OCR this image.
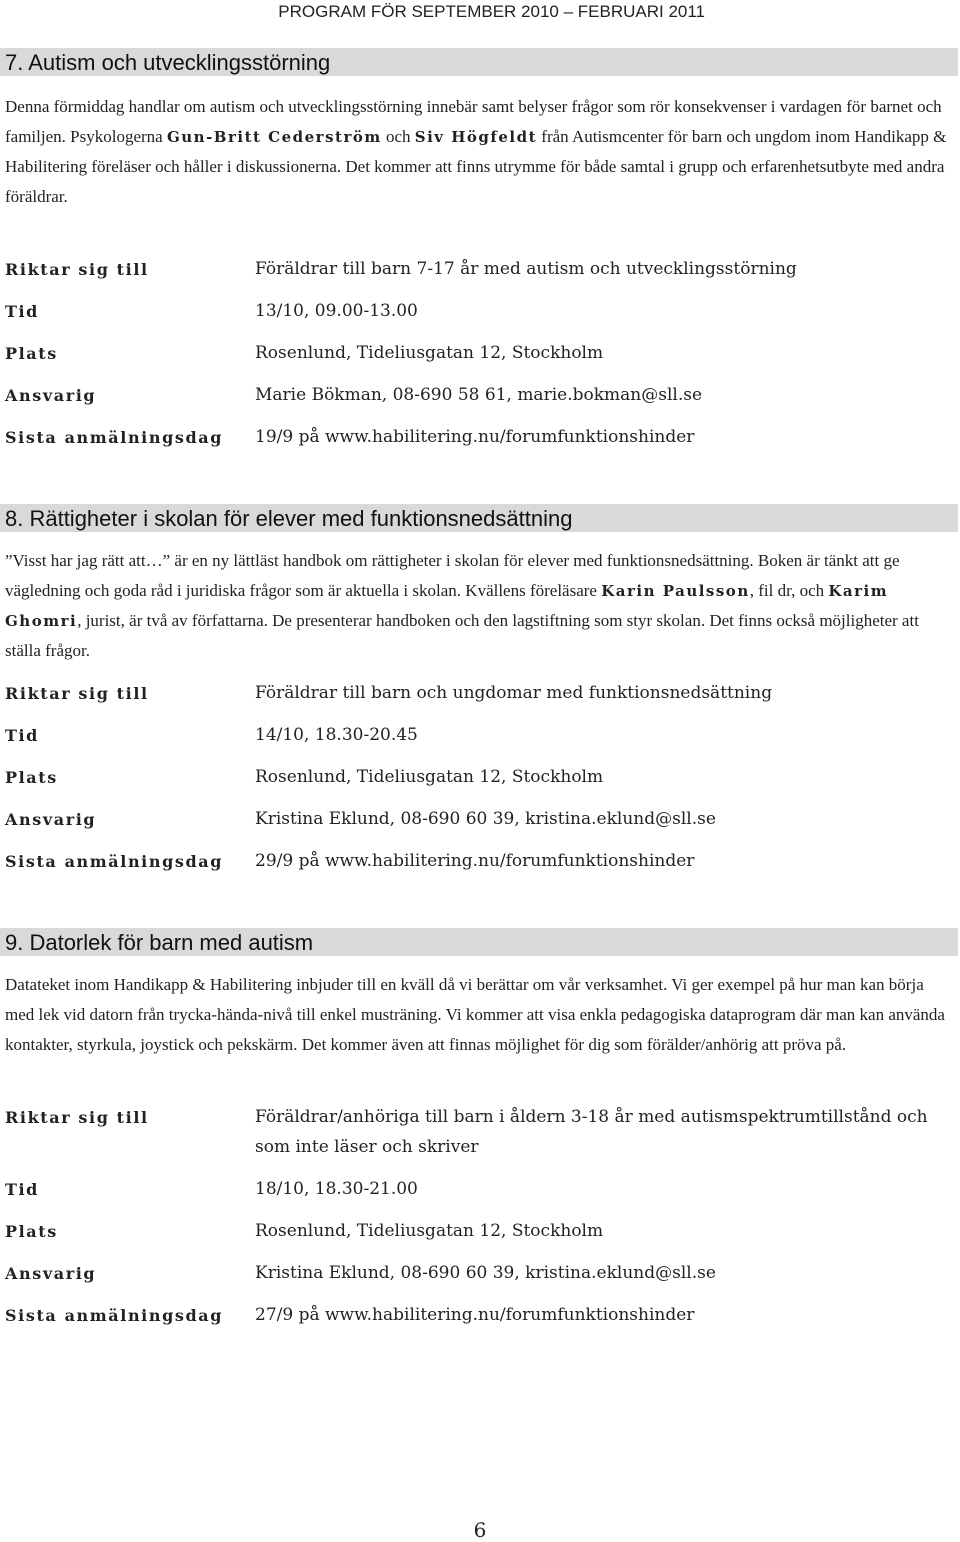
PROGRAM FÖR SEPTEMBER 2010 – FEBRUARI 2011
7. Autism och utvecklingsstörning
Denna förmiddag handlar om autism och utvecklingsstörning innebär samt belyser frågor som rör konsekvenser i vardagen för barnet och familjen. Psykologerna Gun-Britt Cederström och Siv Högfeldt från Autismcenter för barn och ungdom inom Handikapp & Habilitering föreläser och håller i diskussionerna. Det kommer att finns utrymme för både samtal i grupp och erfarenhetsutbyte med andra föräldrar.
Riktar sig till	Föräldrar till barn 7-17 år med autism och utvecklingsstörning
Tid	13/10, 09.00-13.00
Plats	Rosenlund, Tideliusgatan 12, Stockholm
Ansvarig	Marie Bökman, 08-690 58 61, marie.bokman@sll.se
Sista anmälningsdag 19/9 på www.habilitering.nu/forumfunktionshinder
8. Rättigheter i skolan för elever med funktionsnedsättning
”Visst har jag rätt att…” är en ny lättläst handbok om rättigheter i skolan för elever med funktionsnedsättning. Boken är tänkt att ge vägledning och goda råd i juridiska frågor som är aktuella i skolan. Kvällens föreläsare Karin Paulsson, fil dr, och Karim Ghomri, jurist, är två av författarna. De presenterar handboken och den lagstiftning som styr skolan. Det finns också möjligheter att ställa frågor.
Riktar sig till	Föräldrar till barn och ungdomar med funktionsnedsättning
Tid	14/10, 18.30-20.45
Plats	Rosenlund, Tideliusgatan 12, Stockholm
Ansvarig	Kristina Eklund, 08-690 60 39, kristina.eklund@sll.se
Sista anmälningsdag 29/9 på www.habilitering.nu/forumfunktionshinder
9. Datorlek för barn med autism
Datateket inom Handikapp & Habilitering inbjuder till en kväll då vi berättar om vår verksamhet. Vi ger exempel på hur man kan börja med lek vid datorn från trycka-hända-nivå till enkel musträning. Vi kommer att visa enkla pedagogiska dataprogram där man kan använda kontakter, styrkula, joystick och pekskärm. Det kommer även att finnas möjlighet för dig som förälder/anhörig att pröva på.
Riktar sig till	Föräldrar/anhöriga till barn i åldern 3-18 år med autismspektrumtillstånd och som inte läser och skriver
Tid	18/10, 18.30-21.00
Plats	Rosenlund, Tideliusgatan 12, Stockholm
Ansvarig	Kristina Eklund, 08-690 60 39, kristina.eklund@sll.se
Sista anmälningsdag 27/9 på www.habilitering.nu/forumfunktionshinder
6
